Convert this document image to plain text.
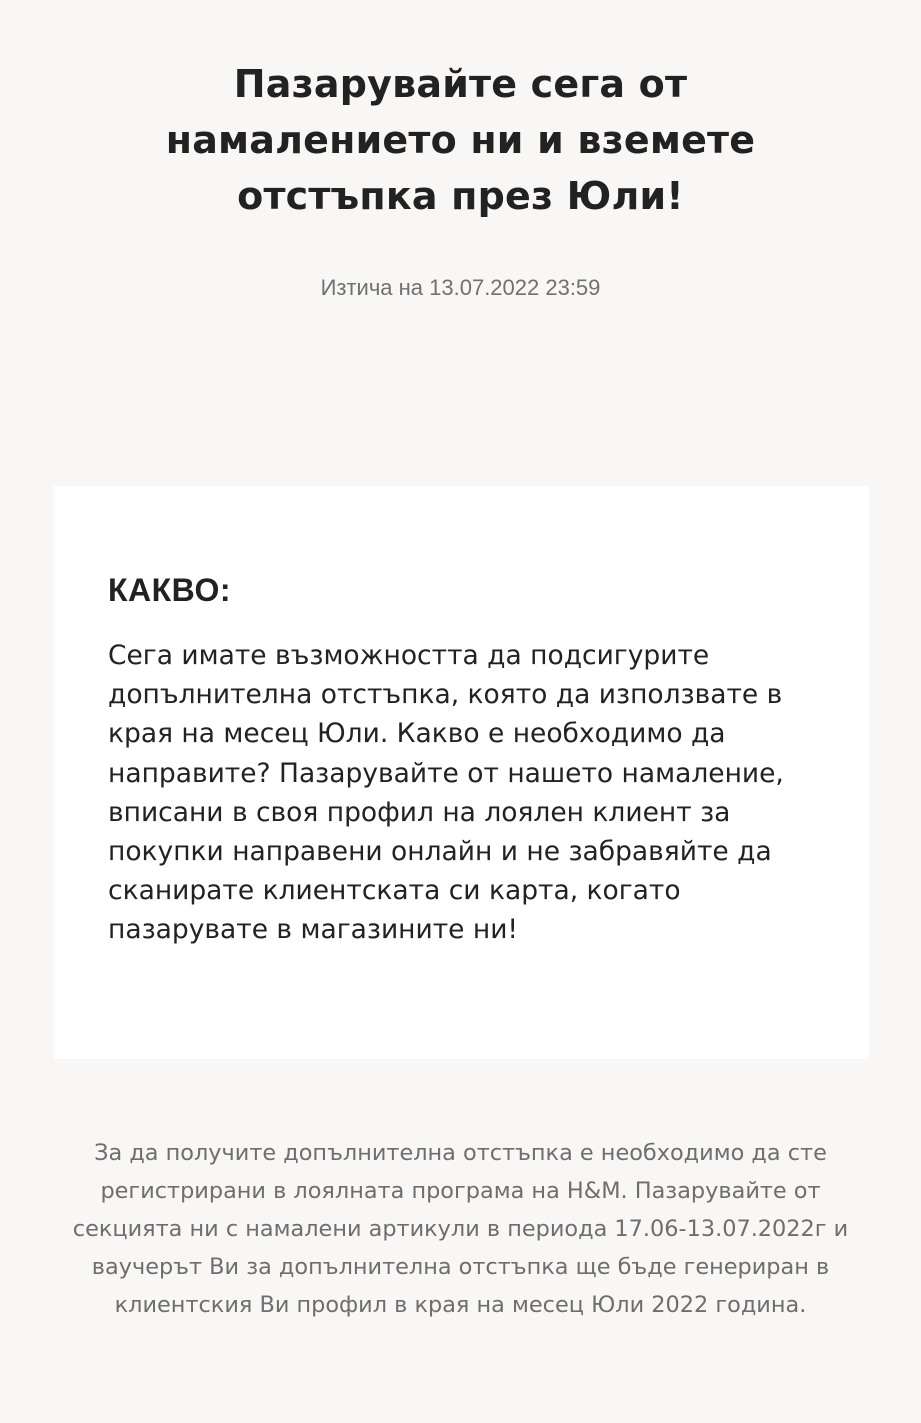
Пазарувайте сега от намалението ни и вземете отстъпка през Юли!
Изтича на 13.07.2022 23:59
КАКВО:

Сега имате възможността да подсигурите допълнителна отстъпка, която да използвате в края на месец Юли. Какво е необходимо да направите? Пазарувайте от нашето намаление, вписани в своя профил на лоялен клиент за покупки направени онлайн и не забравяйте да сканирате клиентската си карта, когато пазарувате в магазините ни!

За да получите допълнителна отстъпка е необходимо да сте регистрирани в лоялната програма на H&M. Пазарувайте от секцията ни с намалени артикули в периода 17.06-13.07.2022г и ваучерът Ви за допълнителна отстъпка ще бъде генериран в клиентския Ви профил в края на месец Юли 2022 година.
